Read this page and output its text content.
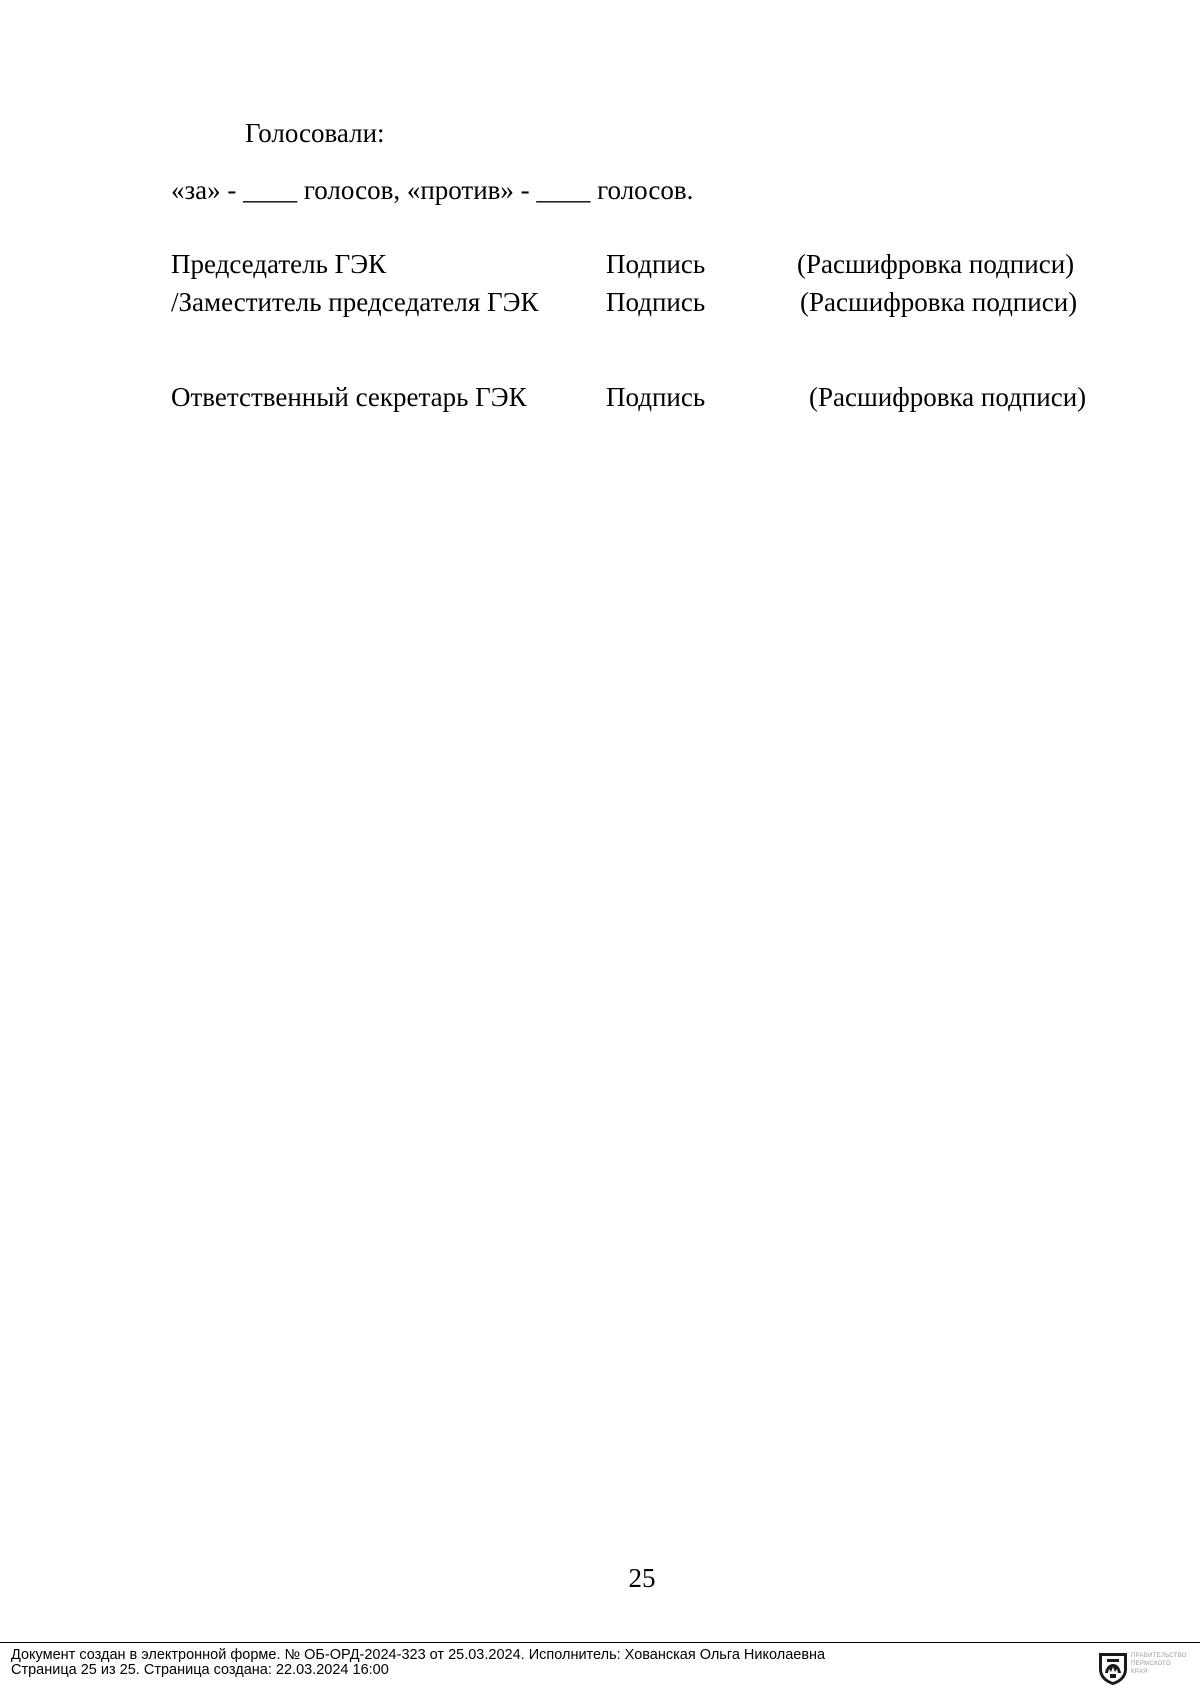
Голосовали:
«за» - ____ голосов, «против» - ____ голосов.
Председатель ГЭК	Подпись	(Расшифровка подписи)
/Заместитель председателя ГЭК	Подпись	(Расшифровка подписи)
Ответственный секретарь ГЭК	Подпись	(Расшифровка подписи)
25
Документ создан в электронной форме. № ОБ-ОРД-2024-323 от 25.03.2024. Исполнитель: Хованская Ольга Николаевна
Страница 25 из 25. Страница создана: 22.03.2024 16:00
ПРАВИТЕЛЬСТВО
ПЕРМСКОГО
КРАЯ
